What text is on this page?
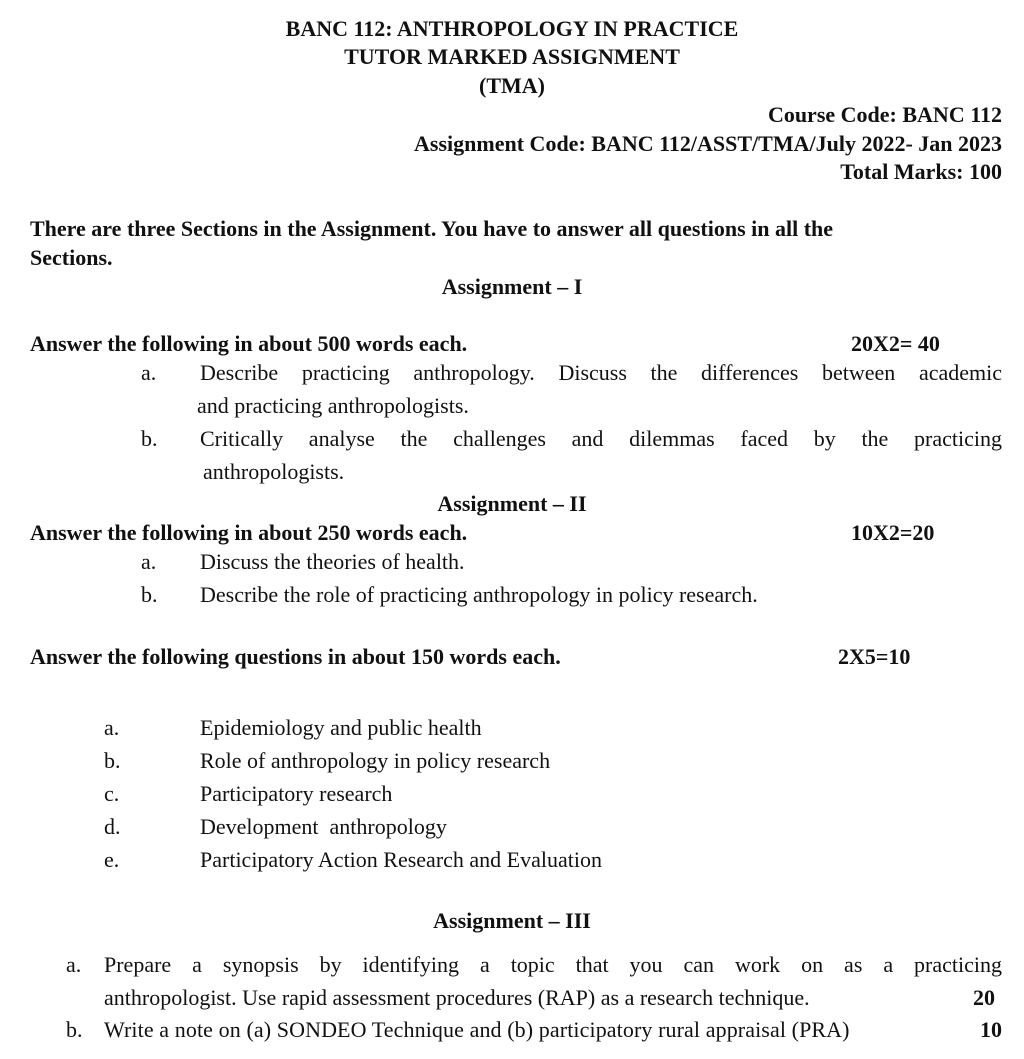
BANC 112: ANTHROPOLOGY IN PRACTICE
TUTOR MARKED ASSIGNMENT
(TMA)
Course Code: BANC 112
Assignment Code: BANC 112/ASST/TMA/July 2022- Jan 2023
Total Marks: 100
There are three Sections in the Assignment. You have to answer all questions in all the
Sections.
Assignment – I
Answer the following in about 500 words each.	20X2= 40
a. Describe practicing anthropology. Discuss the differences between academic
and practicing anthropologists.
b. Critically analyse the challenges and dilemmas faced by the practicing
anthropologists.
Assignment – II
Answer the following in about 250 words each.	10X2=20
a. Discuss the theories of health.
b. Describe the role of practicing anthropology in policy research.
Answer the following questions in about 150 words each.	2X5=10
a.	Epidemiology and public health
b.	Role of anthropology in policy research
c.	Participatory research
d.	Development  anthropology
e.	Participatory Action Research and Evaluation
Assignment – III
a. Prepare a synopsis by identifying a topic that you can work on as a practicing
anthropologist. Use rapid assessment procedures (RAP) as a research technique.	20
b. Write a note on (a) SONDEO Technique and (b) participatory rural appraisal (PRA)	10
